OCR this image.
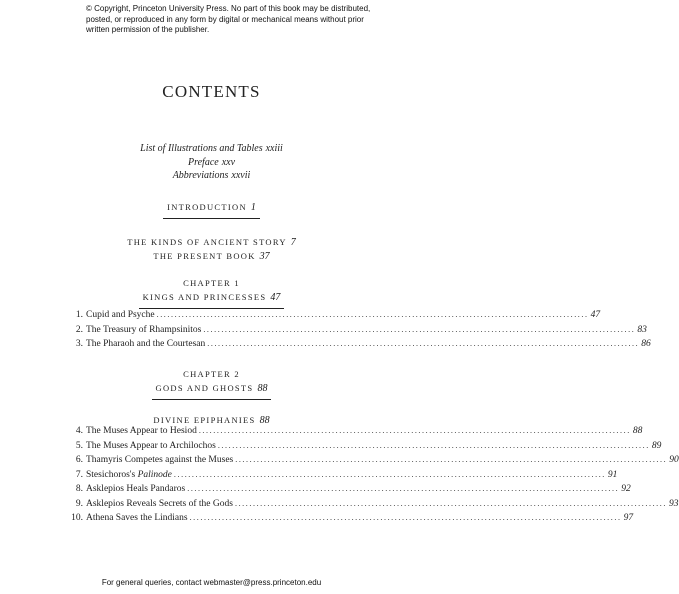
© Copyright, Princeton University Press. No part of this book may be distributed, posted, or reproduced in any form by digital or mechanical means without prior written permission of the publisher.
CONTENTS
List of Illustrations and Tables xxiii
Preface xxv
Abbreviations xxvii
INTRODUCTION 1
THE KINDS OF ANCIENT STORY 7
THE PRESENT BOOK 37
CHAPTER 1
KINGS AND PRINCESSES 47
1. Cupid and Psyche ........................................................................................................................ 47
2. The Treasury of Rhampsinitos ........................................................................................................................ 83
3. The Pharaoh and the Courtesan ........................................................................................................................ 86
CHAPTER 2
GODS AND GHOSTS 88
DIVINE EPIPHANIES 88
4. The Muses Appear to Hesiod ........................................................................................................................ 88
5. The Muses Appear to Archilochos ........................................................................................................................ 89
6. Thamyris Competes against the Muses ........................................................................................................................ 90
7. Stesichoros's Palinode ........................................................................................................................ 91
8. Asklepios Heals Pandaros ........................................................................................................................ 92
9. Asklepios Reveals Secrets of the Gods ........................................................................................................................ 93
10. Athena Saves the Lindians ........................................................................................................................ 97
For general queries, contact webmaster@press.princeton.edu
